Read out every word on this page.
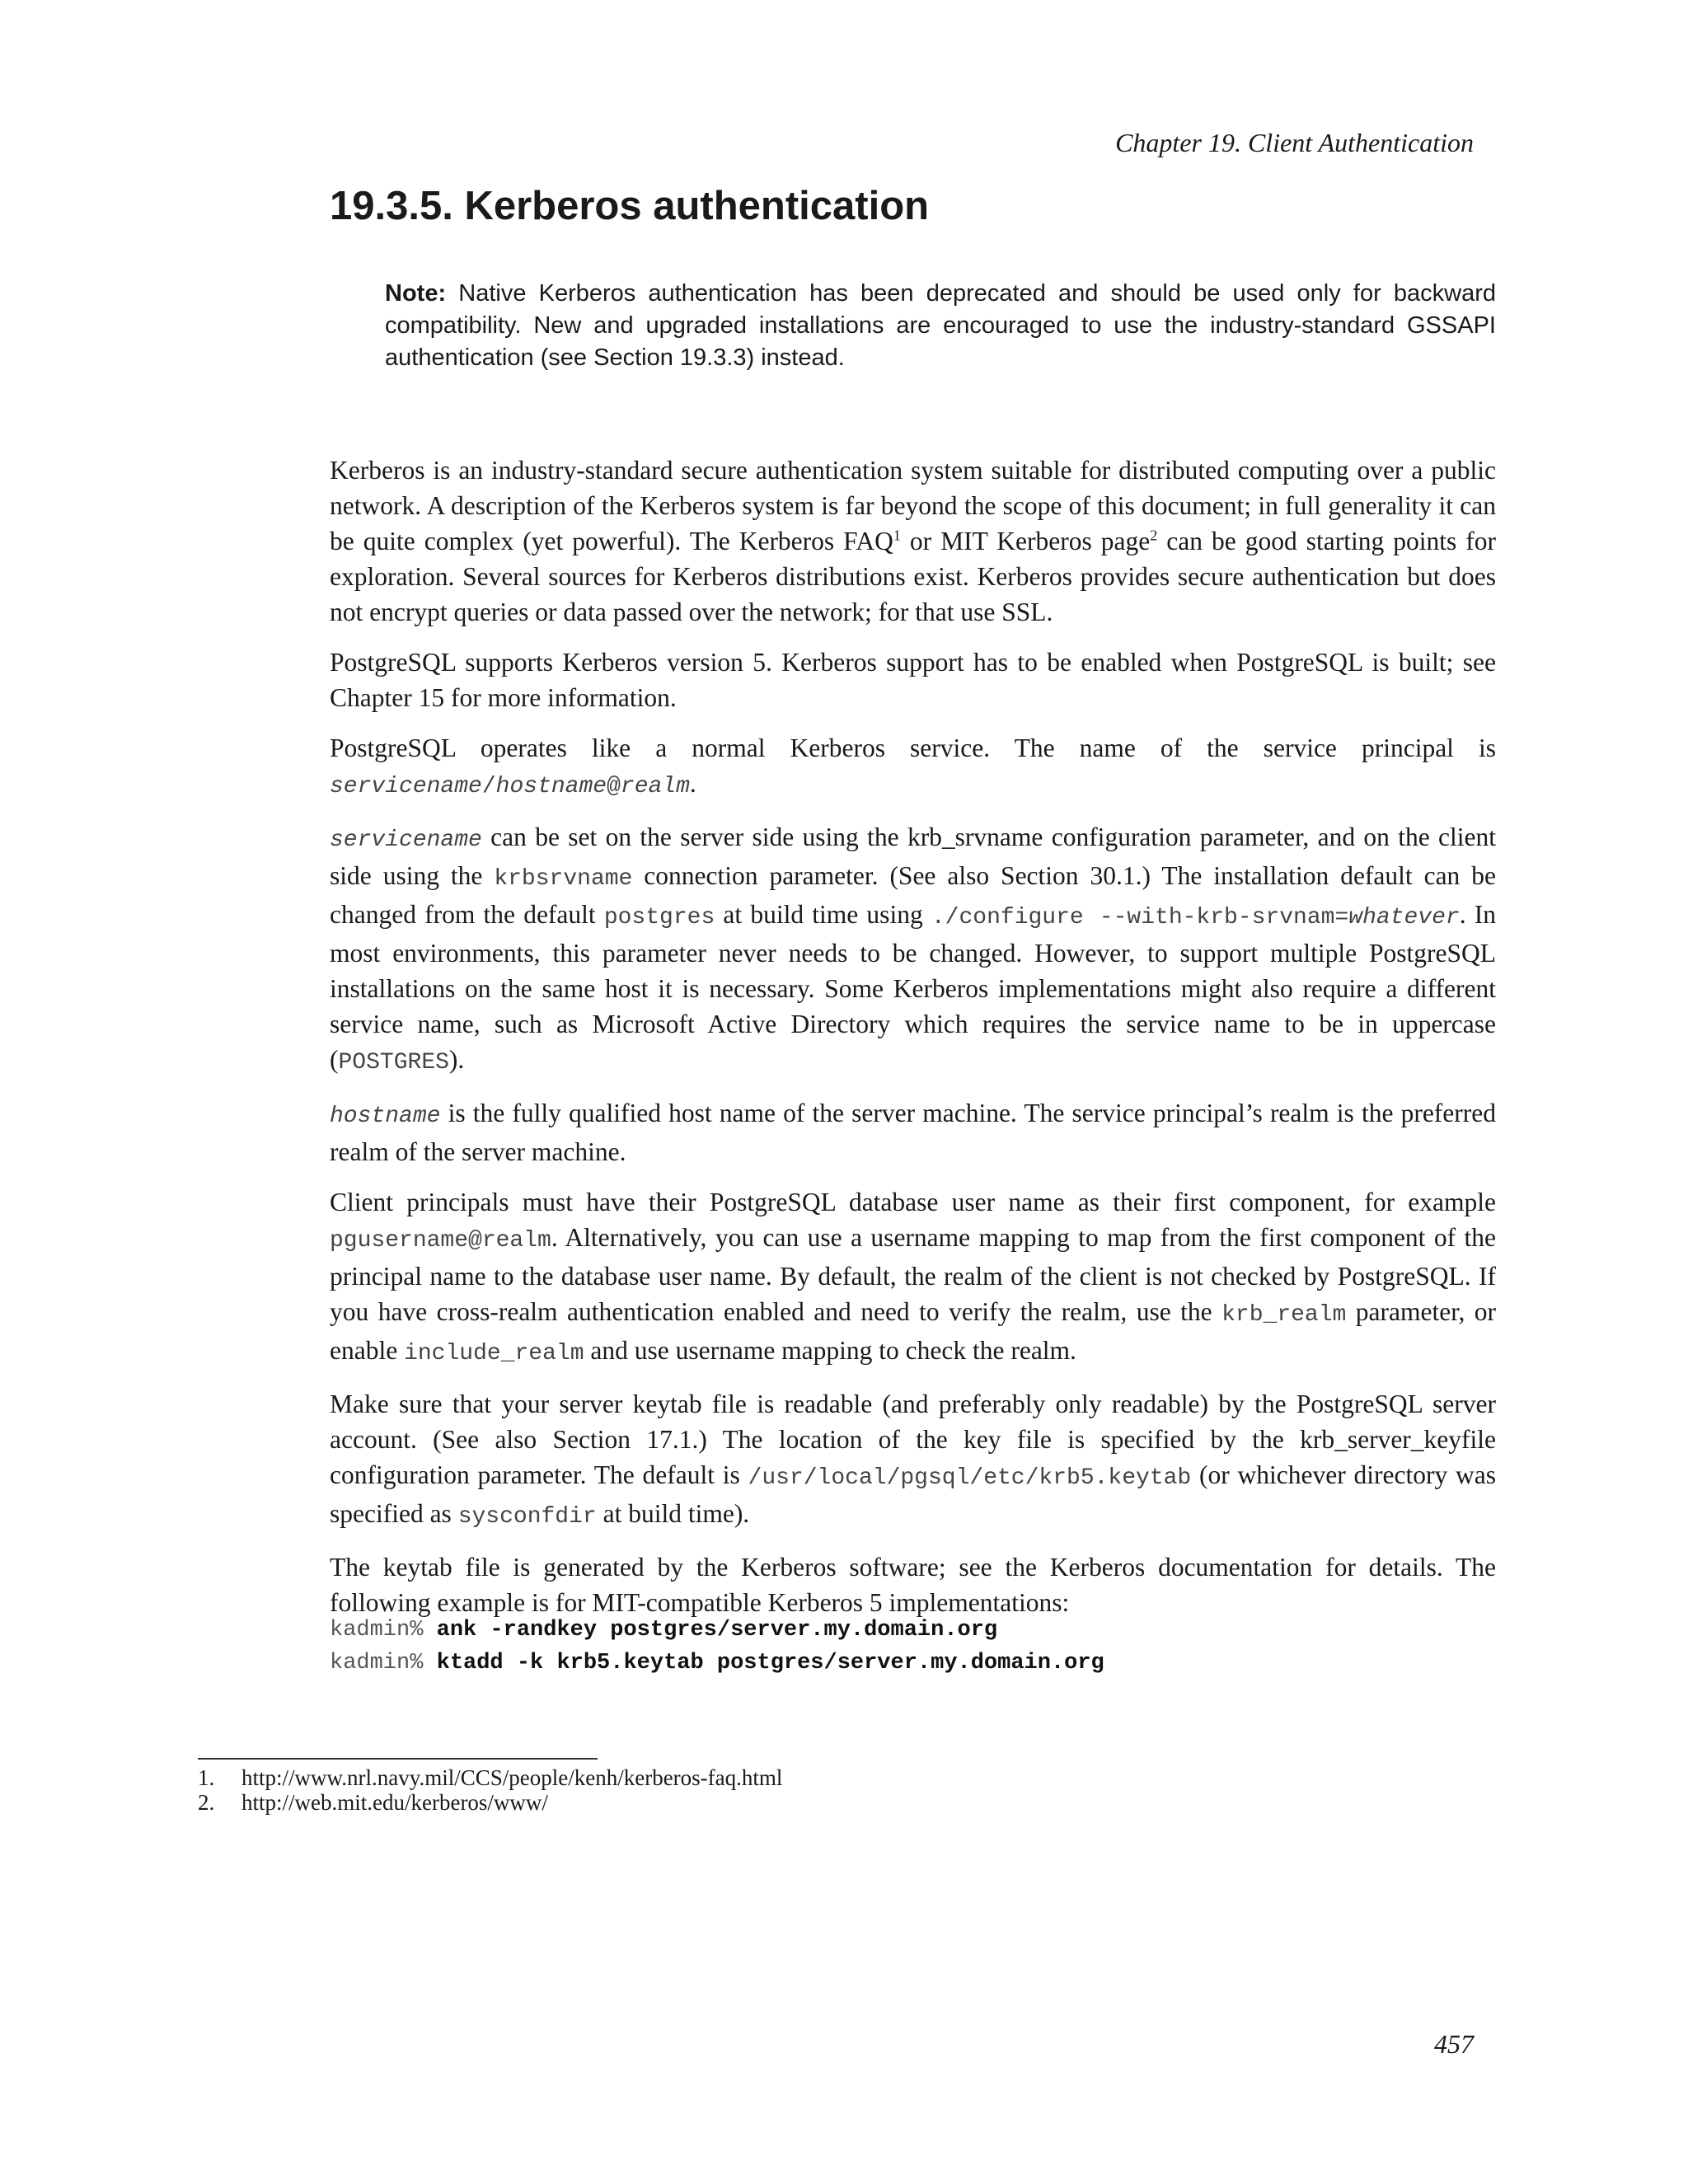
Chapter 19. Client Authentication
19.3.5. Kerberos authentication
Note: Native Kerberos authentication has been deprecated and should be used only for backward compatibility. New and upgraded installations are encouraged to use the industry-standard GSSAPI authentication (see Section 19.3.3) instead.

Kerberos is an industry-standard secure authentication system suitable for distributed computing over a public network. A description of the Kerberos system is far beyond the scope of this document; in full generality it can be quite complex (yet powerful). The Kerberos FAQ$^1$ or MIT Kerberos page$^2$ can be good starting points for exploration. Several sources for Kerberos distributions exist. Kerberos provides secure authentication but does not encrypt queries or data passed over the network; for that use SSL.

PostgreSQL supports Kerberos version 5. Kerberos support has to be enabled when PostgreSQL is built; see Chapter 15 for more information.

PostgreSQL operates like a normal Kerberos service. The name of the service principal is servicename/hostname@realm.

servicename can be set on the server side using the krb_srvname configuration parameter, and on the client side using the krbsrvname connection parameter. (See also Section 30.1.) The installation default can be changed from the default postgres at build time using ./configure --with-krb-srvnam=whatever. In most environments, this parameter never needs to be changed. However, to support multiple PostgreSQL installations on the same host it is necessary. Some Kerberos implementations might also require a different service name, such as Microsoft Active Directory which requires the service name to be in uppercase (POSTGRES).

hostname is the fully qualified host name of the server machine. The service principal’s realm is the preferred realm of the server machine.

Client principals must have their PostgreSQL database user name as their first component, for example pgusername@realm. Alternatively, you can use a username mapping to map from the first component of the principal name to the database user name. By default, the realm of the client is not checked by PostgreSQL. If you have cross-realm authentication enabled and need to verify the realm, use the krb_realm parameter, or enable include_realm and use username mapping to check the realm.

Make sure that your server keytab file is readable (and preferably only readable) by the PostgreSQL server account. (See also Section 17.1.) The location of the key file is specified by the krb_server_keyfile configuration parameter. The default is /usr/local/pgsql/etc/krb5.keytab (or whichever directory was specified as sysconfdir at build time).

The keytab file is generated by the Kerberos software; see the Kerberos documentation for details. The following example is for MIT-compatible Kerberos 5 implementations:

kadmin% ank -randkey postgres/server.my.domain.org
kadmin% ktadd -k krb5.keytab postgres/server.my.domain.org
1.	http://www.nrl.navy.mil/CCS/people/kenh/kerberos-faq.html
2.	http://web.mit.edu/kerberos/www/
457
